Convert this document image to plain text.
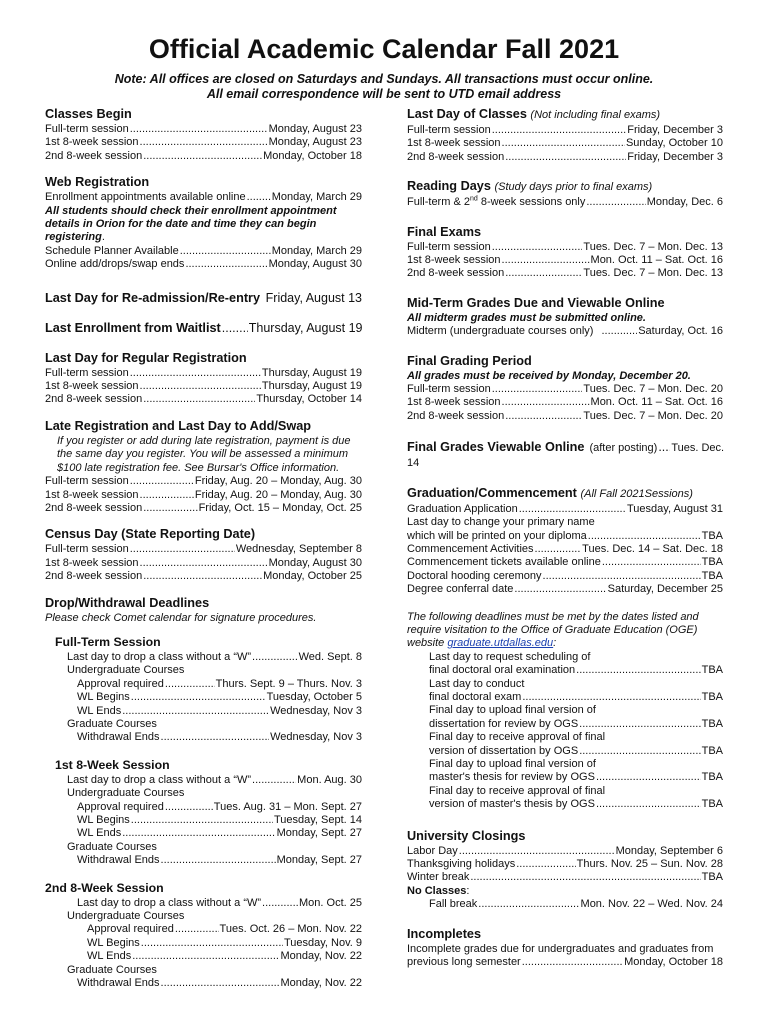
Official Academic Calendar Fall 2021
Note: All offices are closed on Saturdays and Sundays. All transactions must occur online.
All email correspondence will be sent to UTD email address
Classes Begin
Full-term session .....	Monday, August 23
1st 8-week session .....	Monday, August 23
2nd 8-week session .....	Monday, October 18
Web Registration
Enrollment appointments available online ..... Monday, March 29
All students should check their enrollment appointment details in Orion for the date and time they can begin registering.
Schedule Planner Available .....	Monday, March 29
Online add/drops/swap ends .....	Monday, August 30
Last Day for Re-admission/Re-entry Friday, August 13
Last Enrollment from Waitlist ..... Thursday, August 19
Last Day for Regular Registration
Full-term session .....	Thursday, August 19
1st 8-week session .....	Thursday, August 19
2nd 8-week session .....	Thursday, October 14
Late Registration and Last Day to Add/Swap
If you register or add during late registration, payment is due the same day you register. You will be assessed a minimum $100 late registration fee. See Bursar's Office information.
Full-term session .....	Friday, Aug. 20 – Monday, Aug. 30
1st 8-week session .....	Friday, Aug. 20 – Monday, Aug. 30
2nd 8-week session .....	Friday, Oct. 15 – Monday, Oct. 25
Census Day (State Reporting Date)
Full-term session .....	Wednesday, September 8
1st 8-week session .....	Monday, August 30
2nd 8-week session .....	Monday, October 25
Drop/Withdrawal Deadlines
Please check Comet calendar for signature procedures.
Full-Term Session
Last day to drop a class without a “W” .....	Wed. Sept. 8
Undergraduate Courses
Approval required .....	Thurs. Sept. 9 – Thurs. Nov. 3
WL Begins .....	Tuesday, October 5
WL Ends .....	Wednesday, Nov 3
Graduate Courses
Withdrawal Ends .....	Wednesday, Nov 3
1st 8-Week Session
Last day to drop a class without a “W” .....	Mon. Aug. 30
Undergraduate Courses
Approval required .....	Tues. Aug. 31 – Mon. Sept. 27
WL Begins .....	Tuesday, Sept. 14
WL Ends .....	Monday, Sept. 27
Graduate Courses
Withdrawal Ends .....	Monday, Sept. 27
2nd 8-Week Session
Last day to drop a class without a “W” .....	Mon. Oct. 25
Undergraduate Courses
Approval required .....	Tues. Oct. 26 – Mon. Nov. 22
WL Begins .....	Tuesday, Nov. 9
WL Ends .....	Monday, Nov. 22
Graduate Courses
Withdrawal Ends .....	Monday, Nov. 22
Last Day of Classes (Not including final exams)
Full-term session .....	Friday, December 3
1st 8-week session .....	Sunday, October 10
2nd 8-week session .....	Friday, December 3
Reading Days (Study days prior to final exams)
Full-term & 2nd 8-week sessions only .....	Monday, Dec. 6
Final Exams
Full-term session .....	Tues. Dec. 7 – Mon. Dec. 13
1st 8-week session .....	Mon. Oct. 11 – Sat. Oct. 16
2nd 8-week session .....	Tues. Dec. 7 – Mon. Dec. 13
Mid-Term Grades Due and Viewable Online
All midterm grades must be submitted online.
Midterm (undergraduate courses only) .....	Saturday, Oct. 16
Final Grading Period
All grades must be received by Monday, December 20.
Full-term session .....	Tues. Dec. 7 – Mon. Dec. 20
1st 8-week session .....	Mon. Oct. 11 – Sat. Oct. 16
2nd 8-week session .....	Tues. Dec. 7 – Mon. Dec. 20
Final Grades Viewable Online (after posting) ..... Tues. Dec.
14
Graduation/Commencement (All Fall 2021Sessions)
Graduation Application .....	Tuesday, August 31
Last day to change your primary name
which will be printed on your diploma .....	TBA
Commencement Activities .....	Tues. Dec. 14 – Sat. Dec. 18
Commencement tickets available online .....	TBA
Doctoral hooding ceremony .....	TBA
Degree conferral date .....	Saturday, December 25
The following deadlines must be met by the dates listed and require visitation to the Office of Graduate Education (OGE) website graduate.utdallas.edu:
Last day to request scheduling of
final doctoral oral examination .....	TBA
Last day to conduct
final doctoral exam .....	TBA
Final day to upload final version of
dissertation for review by OGS .....	TBA
Final day to receive approval of final
version of dissertation by OGS .....	TBA
Final day to upload final version of
master's thesis for review by OGS .....	TBA
Final day to receive approval of final
version of master's thesis by OGS .....	TBA
University Closings
Labor Day .....	Monday, September 6
Thanksgiving holidays .....	Thurs. Nov. 25 – Sun. Nov. 28
Winter break .....	TBA
No Classes:
Fall break .....	Mon. Nov. 22 – Wed. Nov. 24
Incompletes
Incomplete grades due for undergraduates and graduates from
previous long semester .....	Monday, October 18
